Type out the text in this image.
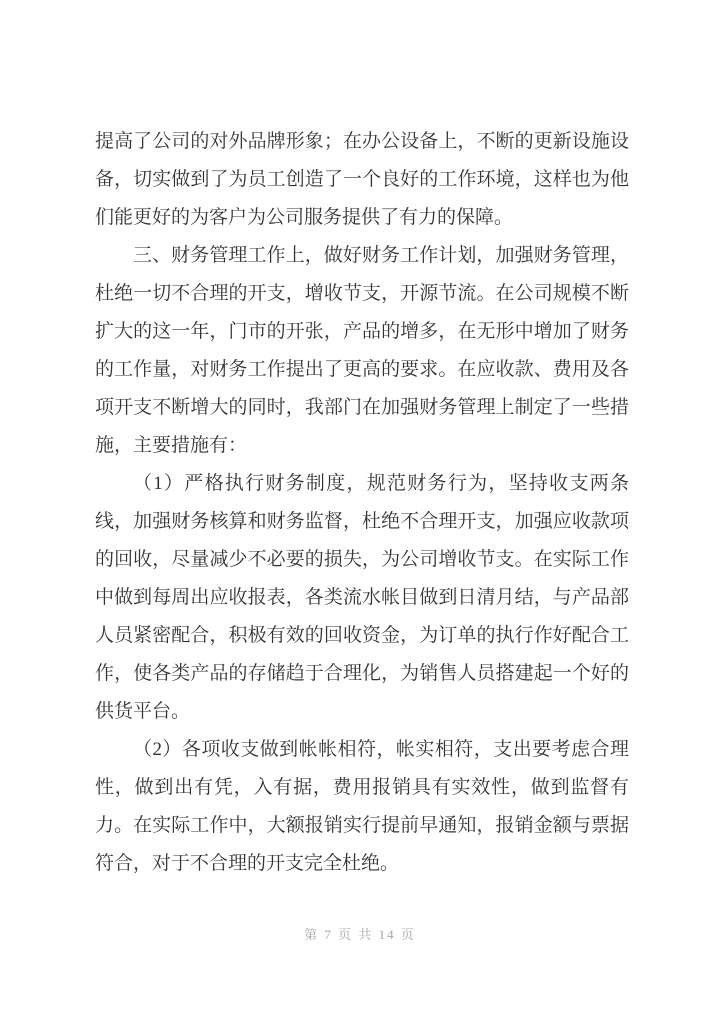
提高了公司的对外品牌形象；在办公设备上，不断的更新设施设备，切实做到了为员工创造了一个良好的工作环境，这样也为他们能更好的为客户为公司服务提供了有力的保障。

三、财务管理工作上，做好财务工作计划，加强财务管理，杜绝一切不合理的开支，增收节支，开源节流。在公司规模不断扩大的这一年，门市的开张，产品的增多，在无形中增加了财务的工作量，对财务工作提出了更高的要求。在应收款、费用及各项开支不断增大的同时，我部门在加强财务管理上制定了一些措施，主要措施有：

（1）严格执行财务制度，规范财务行为，坚持收支两条线，加强财务核算和财务监督，杜绝不合理开支，加强应收款项的回收，尽量减少不必要的损失，为公司增收节支。在实际工作中做到每周出应收报表，各类流水帐目做到日清月结，与产品部人员紧密配合，积极有效的回收资金，为订单的执行作好配合工作，使各类产品的存储趋于合理化，为销售人员搭建起一个好的供货平台。

（2）各项收支做到帐帐相符，帐实相符，支出要考虑合理性，做到出有凭，入有据，费用报销具有实效性，做到监督有力。在实际工作中，大额报销实行提前早通知，报销金额与票据符合，对于不合理的开支完全杜绝。

第 7 页 共 14 页
